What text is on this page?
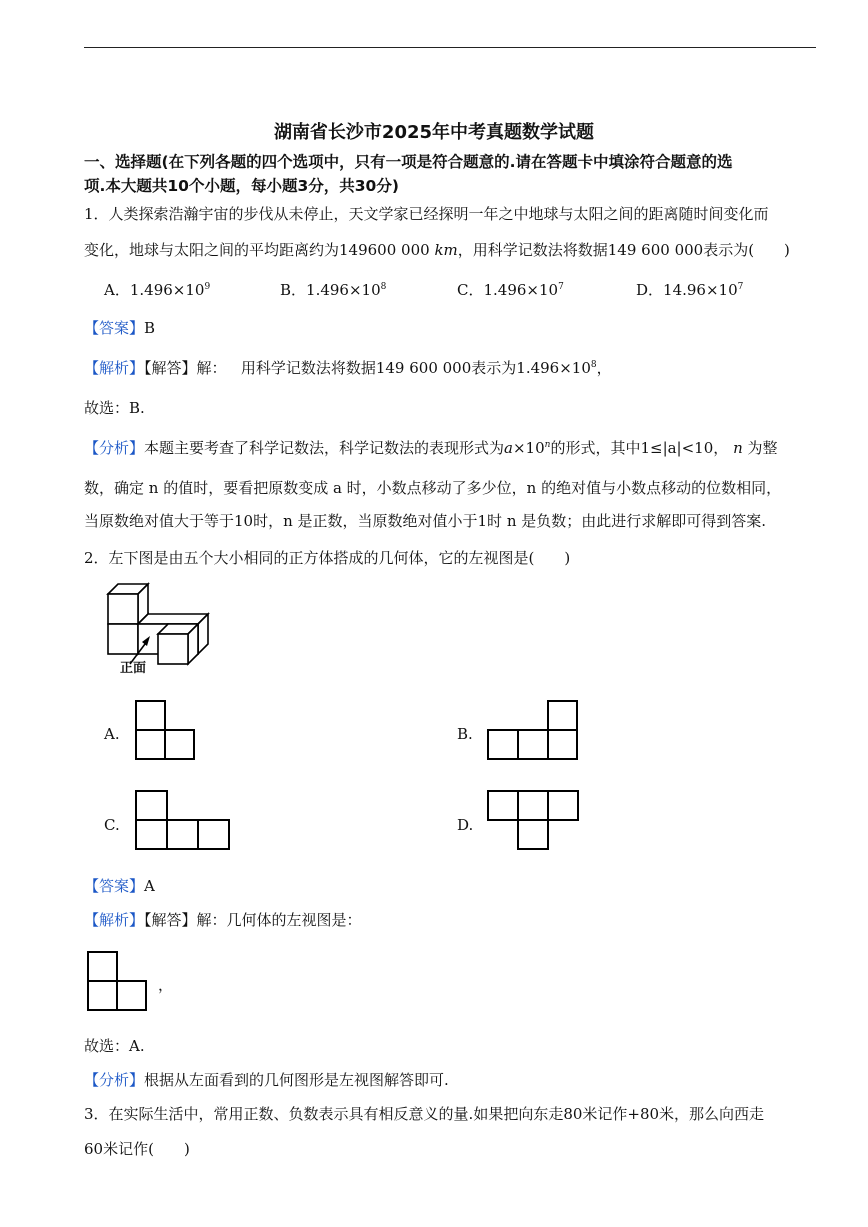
湖南省长沙市2025年中考真题数学试题
一、选择题(在下列各题的四个选项中，只有一项是符合题意的.请在答题卡中填涂符合题意的选
项.本大题共10个小题，每小题3分，共30分)
1．人类探索浩瀚宇宙的步伐从未停止，天文学家已经探明一年之中地球与太阳之间的距离随时间变化而
变化，地球与太阳之间的平均距离约为149600 000 km，用科学记数法将数据149 600 000表示为(　　)
A．$1.496\times 10^9$	B．$1.496\times 10^8$	C．$1.496\times 10^7$	D．$14.96\times 10^7$
【答案】B
【解析】【解答】解： 用科学记数法将数据149 600 000表示为$1.496\times 10^8$，
故选：B.
【分析】本题主要考查了科学记数法，科学记数法的表现形式为$a\times 10^n$的形式，其中1≤|a|<10， n 为整
数，确定 n 的值时，要看把原数变成 a 时，小数点移动了多少位，n 的绝对值与小数点移动的位数相同，
当原数绝对值大于等于10时，n 是正数，当原数绝对值小于1时 n 是负数；由此进行求解即可得到答案.
2．左下图是由五个大小相同的正方体搭成的几何体，它的左视图是(　　)
正面
A.	B.
C.	D.
【答案】A
【解析】【解答】解：几何体的左视图是：
，
故选：A.
【分析】根据从左面看到的几何图形是左视图解答即可.
3．在实际生活中，常用正数、负数表示具有相反意义的量.如果把向东走80米记作+80米，那么向西走
60米记作(　　)
